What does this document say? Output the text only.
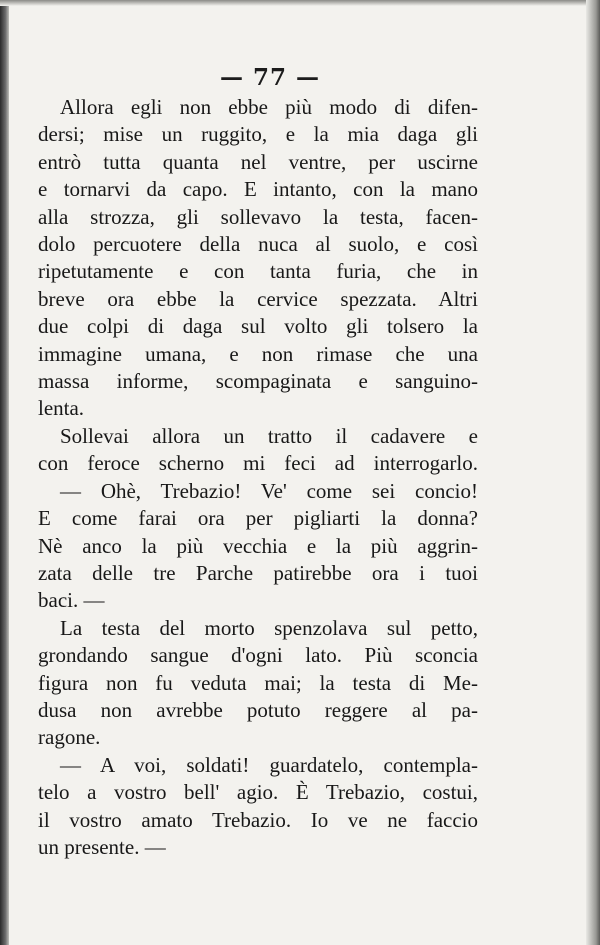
— 77 —
Allora egli non ebbe più modo di difen-
dersi; mise un ruggito, e la mia daga gli
entrò tutta quanta nel ventre, per uscirne
e tornarvi da capo. E intanto, con la mano
alla strozza, gli sollevavo la testa, facen-
dolo percuotere della nuca al suolo, e così
ripetutamente e con tanta furia, che in
breve ora ebbe la cervice spezzata. Altri
due colpi di daga sul volto gli tolsero la
immagine umana, e non rimase che una
massa informe, scompaginata e sanguino-
lenta.
Sollevai allora un tratto il cadavere e
con feroce scherno mi feci ad interrogarlo.
— Ohè, Trebazio! Ve' come sei concio!
E come farai ora per pigliarti la donna?
Nè anco la più vecchia e la più aggrin-
zata delle tre Parche patirebbe ora i tuoi
baci. —
La testa del morto spenzolava sul petto,
grondando sangue d'ogni lato. Più sconcia
figura non fu veduta mai; la testa di Me-
dusa non avrebbe potuto reggere al pa-
ragone.
— A voi, soldati! guardatelo, contempla-
telo a vostro bell' agio. È Trebazio, costui,
il vostro amato Trebazio. Io ve ne faccio
un presente. —
